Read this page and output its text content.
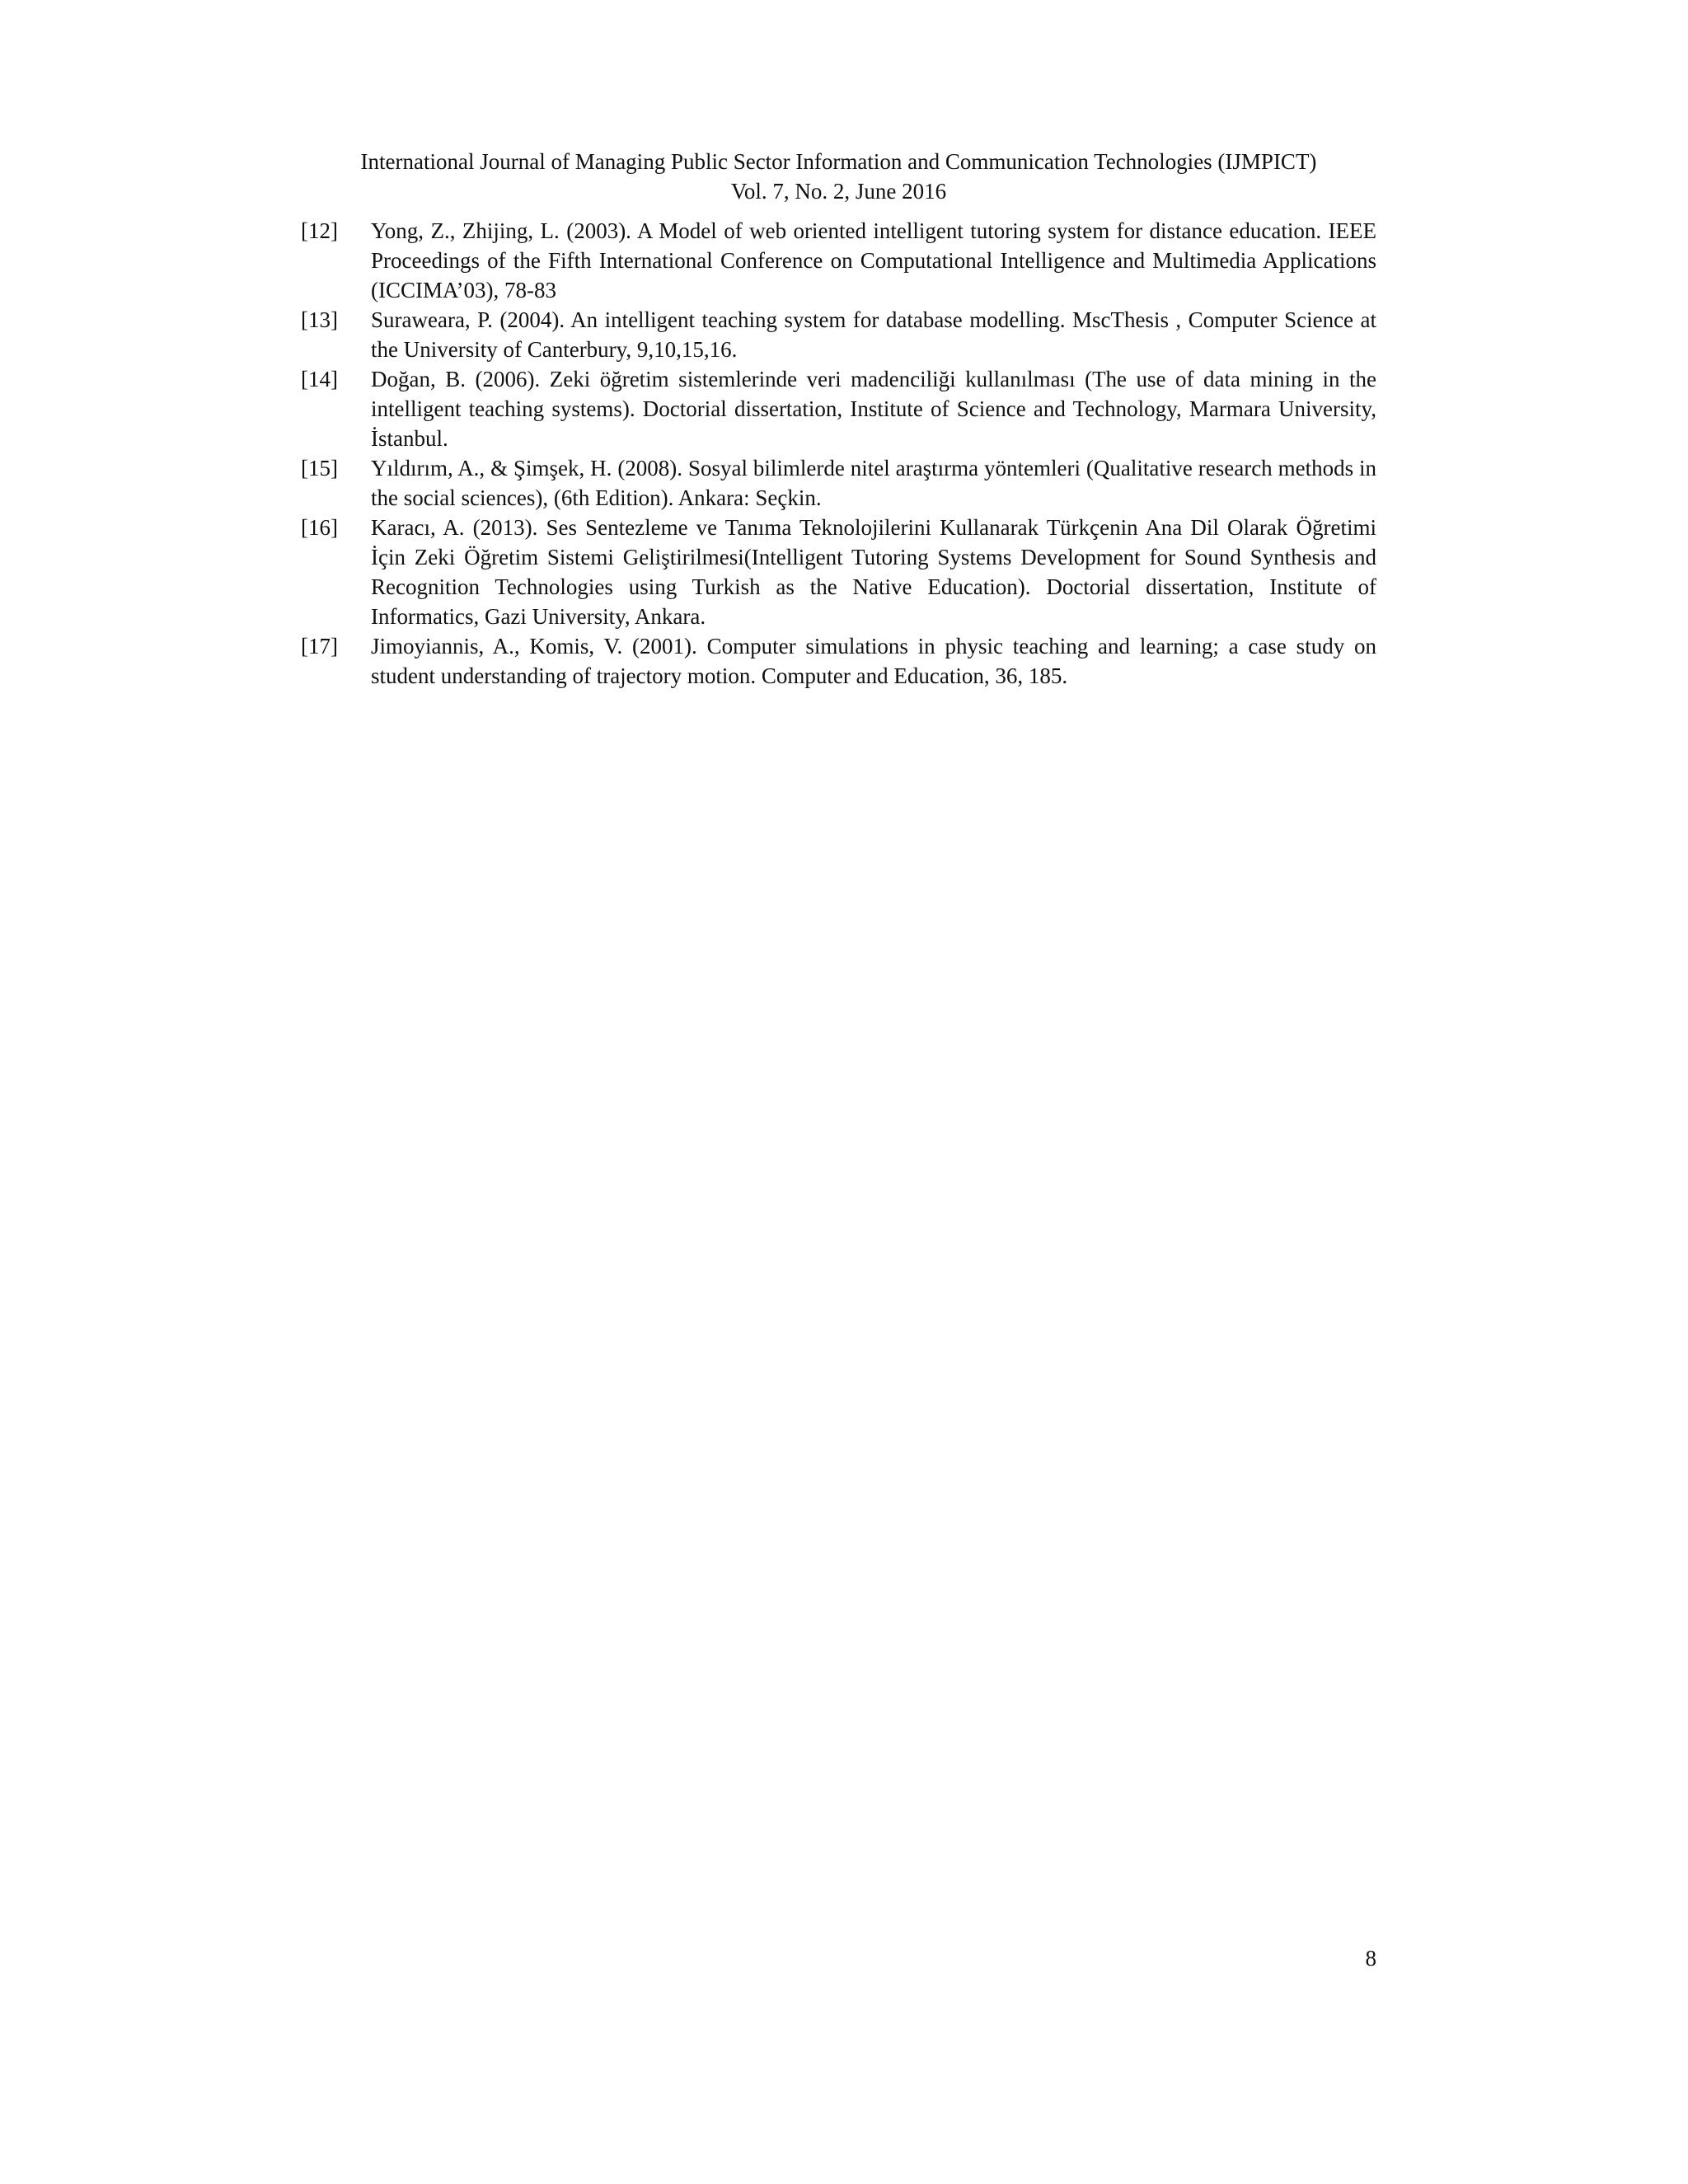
International Journal of Managing Public Sector Information and Communication Technologies (IJMPICT)
Vol. 7, No. 2, June 2016
[12]	Yong, Z., Zhijing, L. (2003). A Model of web oriented intelligent tutoring system for distance education. IEEE Proceedings of the Fifth International Conference on Computational Intelligence and Multimedia Applications (ICCIMA’03), 78-83
[13]	Suraweara, P. (2004). An intelligent teaching system for database modelling. MscThesis , Computer Science at the University of Canterbury, 9,10,15,16.
[14]	Doğan, B. (2006). Zeki öğretim sistemlerinde veri madenciliği kullanılması (The use of data mining in the intelligent teaching systems). Doctorial dissertation, Institute of Science and Technology, Marmara University, İstanbul.
[15]	Yıldırım, A., & Şimşek, H. (2008). Sosyal bilimlerde nitel araştırma yöntemleri (Qualitative research methods in the social sciences), (6th Edition). Ankara: Seçkin.
[16]	Karacı, A. (2013). Ses Sentezleme ve Tanıma Teknolojilerini Kullanarak Türkçenin Ana Dil Olarak Öğretimi İçin Zeki Öğretim Sistemi Geliştirilmesi(Intelligent Tutoring Systems Development for Sound Synthesis and Recognition Technologies using Turkish as the Native Education). Doctorial dissertation, Institute of Informatics, Gazi University, Ankara.
[17]	Jimoyiannis, A., Komis, V. (2001). Computer simulations in physic teaching and learning; a case study on student understanding of trajectory motion. Computer and Education, 36, 185.
8
